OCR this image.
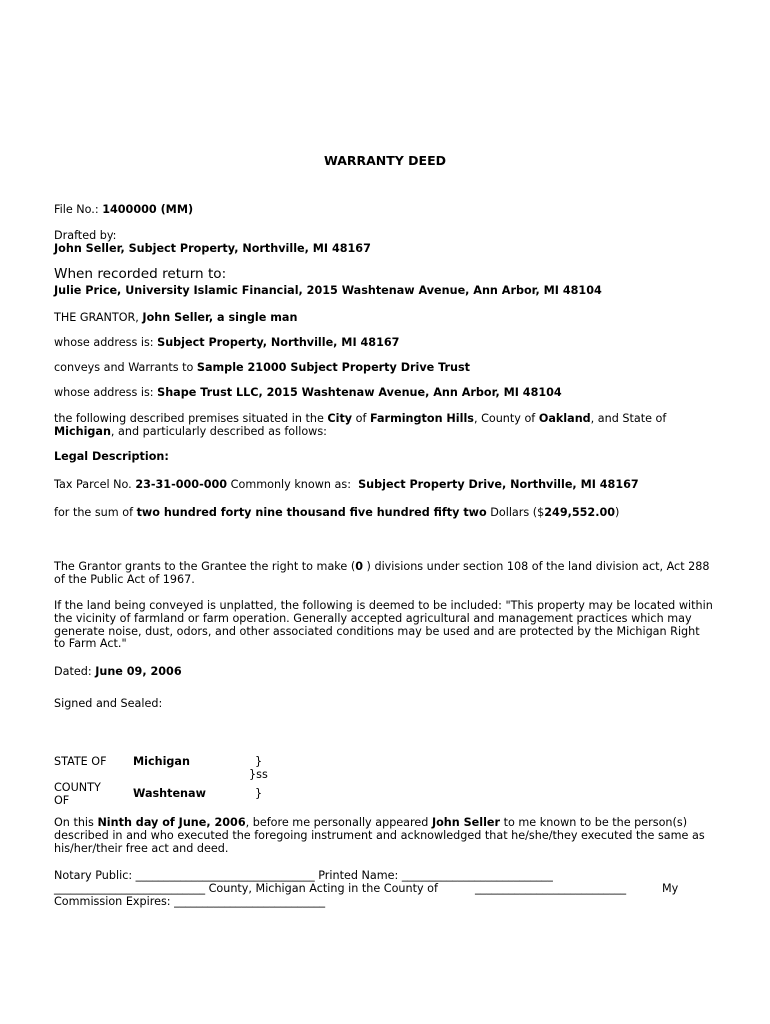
WARRANTY DEED
File No.: 1400000 (MM)
Drafted by:
John Seller, Subject Property, Northville, MI 48167
When recorded return to:
Julie Price, University Islamic Financial, 2015 Washtenaw Avenue, Ann Arbor, MI 48104
THE GRANTOR, John Seller, a single man
whose address is: Subject Property, Northville, MI 48167
conveys and Warrants to Sample 21000 Subject Property Drive Trust
whose address is: Shape Trust LLC, 2015 Washtenaw Avenue, Ann Arbor, MI 48104
the following described premises situated in the City of Farmington Hills, County of Oakland, and State of
Michigan, and particularly described as follows:
Legal Description:
Tax Parcel No. 23-31-000-000 Commonly known as: Subject Property Drive, Northville, MI 48167
for the sum of two hundred forty nine thousand five hundred fifty two Dollars ($249,552.00)
The Grantor grants to the Grantee the right to make (0 ) divisions under section 108 of the land division act, Act 288 of the Public Act of 1967.
If the land being conveyed is unplatted, the following is deemed to be included: "This property may be located within the vicinity of farmland or farm operation. Generally accepted agricultural and management practices which may generate noise, dust, odors, and other associated conditions may be used and are protected by the Michigan Right to Farm Act."
Dated: June 09, 2006
Signed and Sealed:
STATE OF Michigan	}
}ss
COUNTY
OF
Washtenaw	}
On this Ninth day of June, 2006, before me personally appeared John Seller to me known to be the person(s) described in and who executed the foregoing instrument and acknowledged that he/she/they executed the same as his/her/their free act and deed.
Notary Public: ________________________________ Printed Name: ___________________________
___________________________ County, Michigan Acting in the County of	___________________________	My
Commission Expires: ___________________________
